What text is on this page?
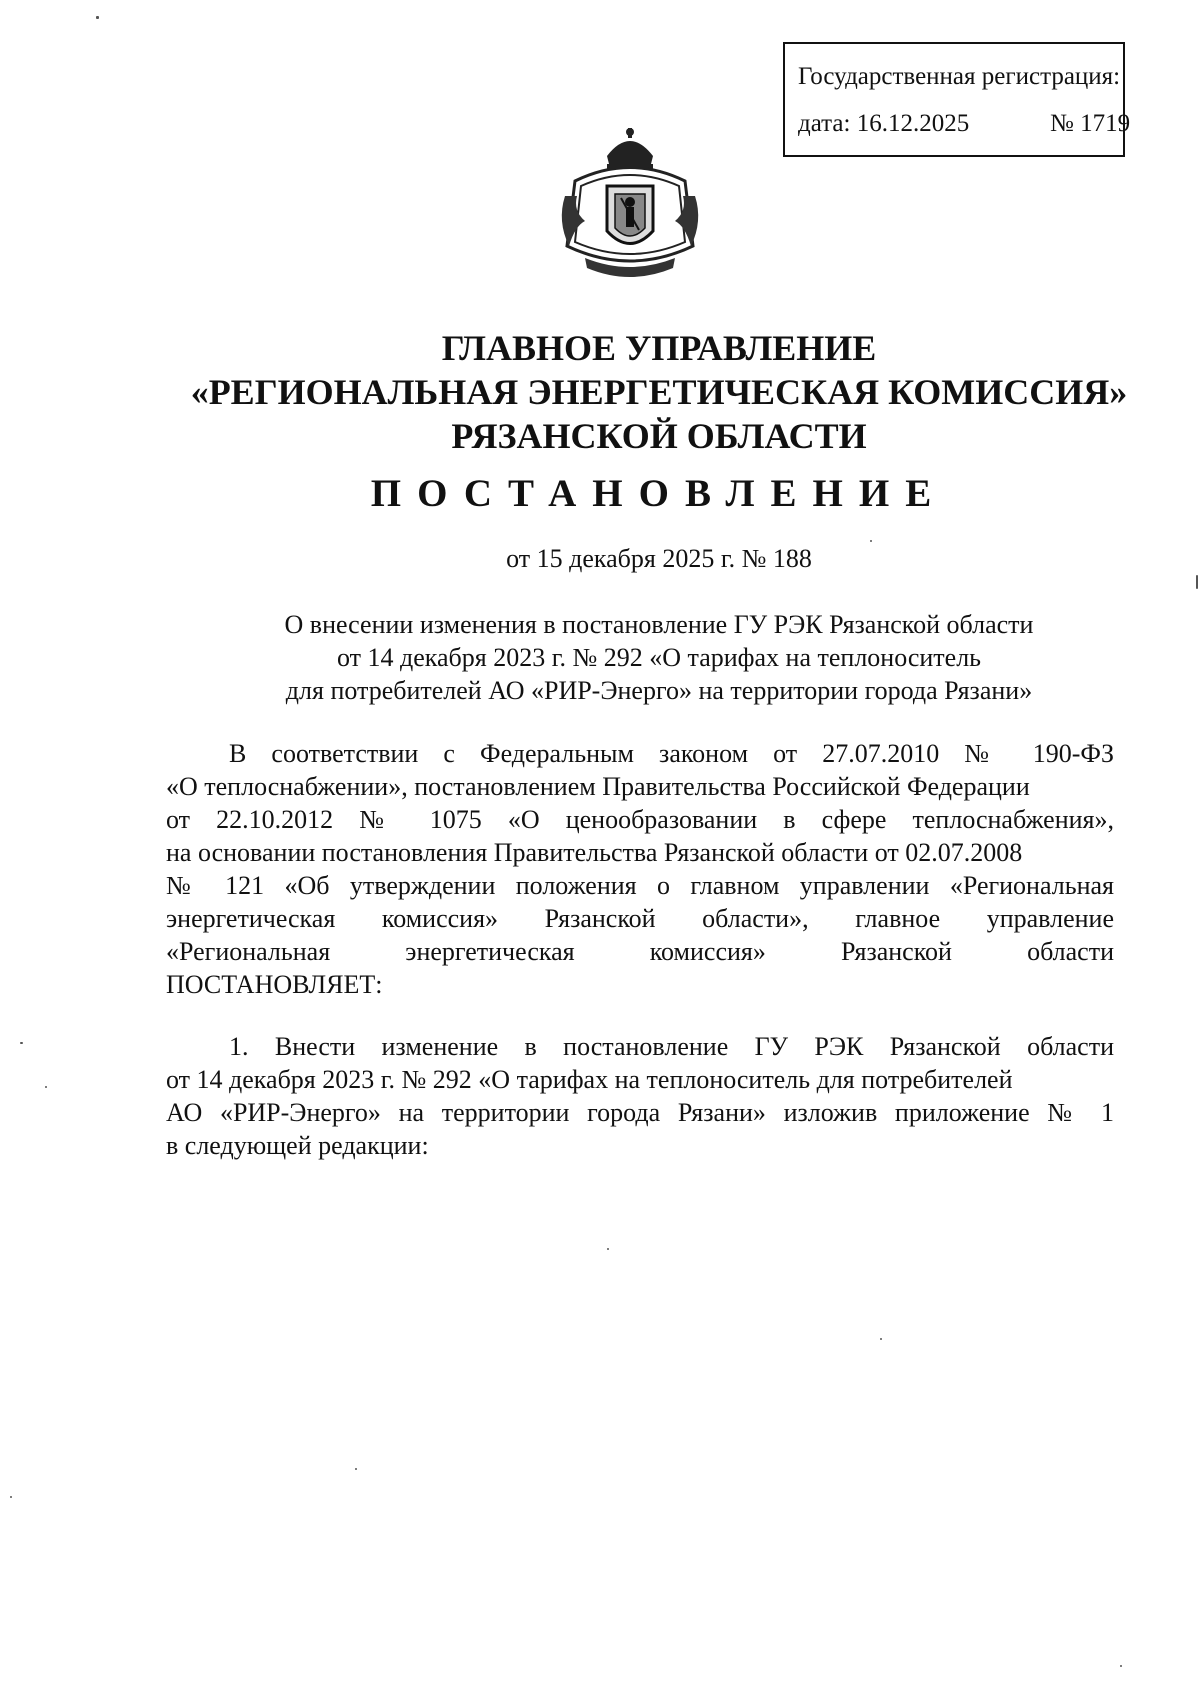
Государственная регистрация:
дата: 16.12.2025	№ 1719
ГЛАВНОЕ УПРАВЛЕНИЕ
«РЕГИОНАЛЬНАЯ ЭНЕРГЕТИЧЕСКАЯ КОМИССИЯ»
РЯЗАНСКОЙ ОБЛАСТИ
ПОСТАНОВЛЕНИЕ
от 15 декабря 2025 г. № 188
О внесении изменения в постановление ГУ РЭК Рязанской области
от 14 декабря 2023 г. № 292 «О тарифах на теплоноситель
для потребителей АО «РИР-Энерго» на территории города Рязани»
В соответствии с Федеральным законом от 27.07.2010 № 190-ФЗ
«О теплоснабжении», постановлением Правительства Российской Федерации
от 22.10.2012 № 1075 «О ценообразовании в сфере теплоснабжения»,
на основании постановления Правительства Рязанской области от 02.07.2008
№ 121 «Об утверждении положения о главном управлении «Региональная
энергетическая комиссия» Рязанской области», главное управление
«Региональная энергетическая комиссия» Рязанской области
ПОСТАНОВЛЯЕТ:
1. Внести изменение в постановление ГУ РЭК Рязанской области
от 14 декабря 2023 г. № 292 «О тарифах на теплоноситель для потребителей
АО «РИР-Энерго» на территории города Рязани» изложив приложение № 1
в следующей редакции:
